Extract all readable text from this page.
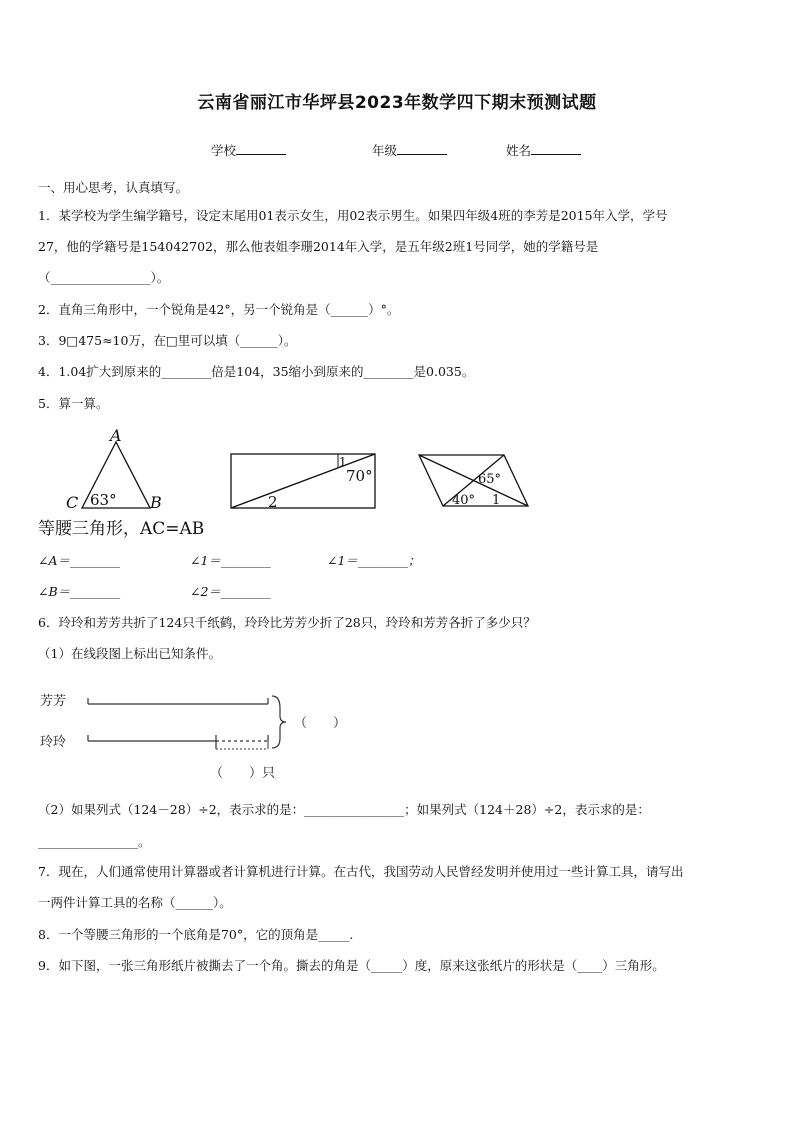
云南省丽江市华坪县2023年数学四下期末预测试题
学校	年级	姓名
一、用心思考，认真填写。
1．某学校为学生编学籍号，设定末尾用01表示女生，用02表示男生。如果四年级4班的李芳是2015年入学，学号
27，他的学籍号是154042702，那么他表姐李珊2014年入学，是五年级2班1号同学，她的学籍号是
（________________）。
2．直角三角形中，一个锐角是42°，另一个锐角是（______）°。
3．9□475≈10万，在□里可以填（______）。
4．1.04扩大到原来的________倍是104，35缩小到原来的________是0.035。
5．算一算。
A
B
C 63°
1
70°
2
65°
40° 1
等腰三角形，AC=AB
∠A＝________	∠1＝________	∠1＝________；
∠B＝________	∠2＝________
6．玲玲和芳芳共折了124只千纸鹤，玲玲比芳芳少折了28只，玲玲和芳芳各折了多少只？
（1）在线段图上标出已知条件。
芳芳
玲玲
（　　）
（　　）只
（2）如果列式（124－28）÷2，表示求的是：________________；如果列式（124＋28）÷2，表示求的是：
________________。
7．现在，人们通常使用计算器或者计算机进行计算。在古代，我国劳动人民曾经发明并使用过一些计算工具，请写出
一两件计算工具的名称（______）。
8．一个等腰三角形的一个底角是70°，它的顶角是_____.
9．如下图，一张三角形纸片被撕去了一个角。撕去的角是（_____）度，原来这张纸片的形状是（____）三角形。
